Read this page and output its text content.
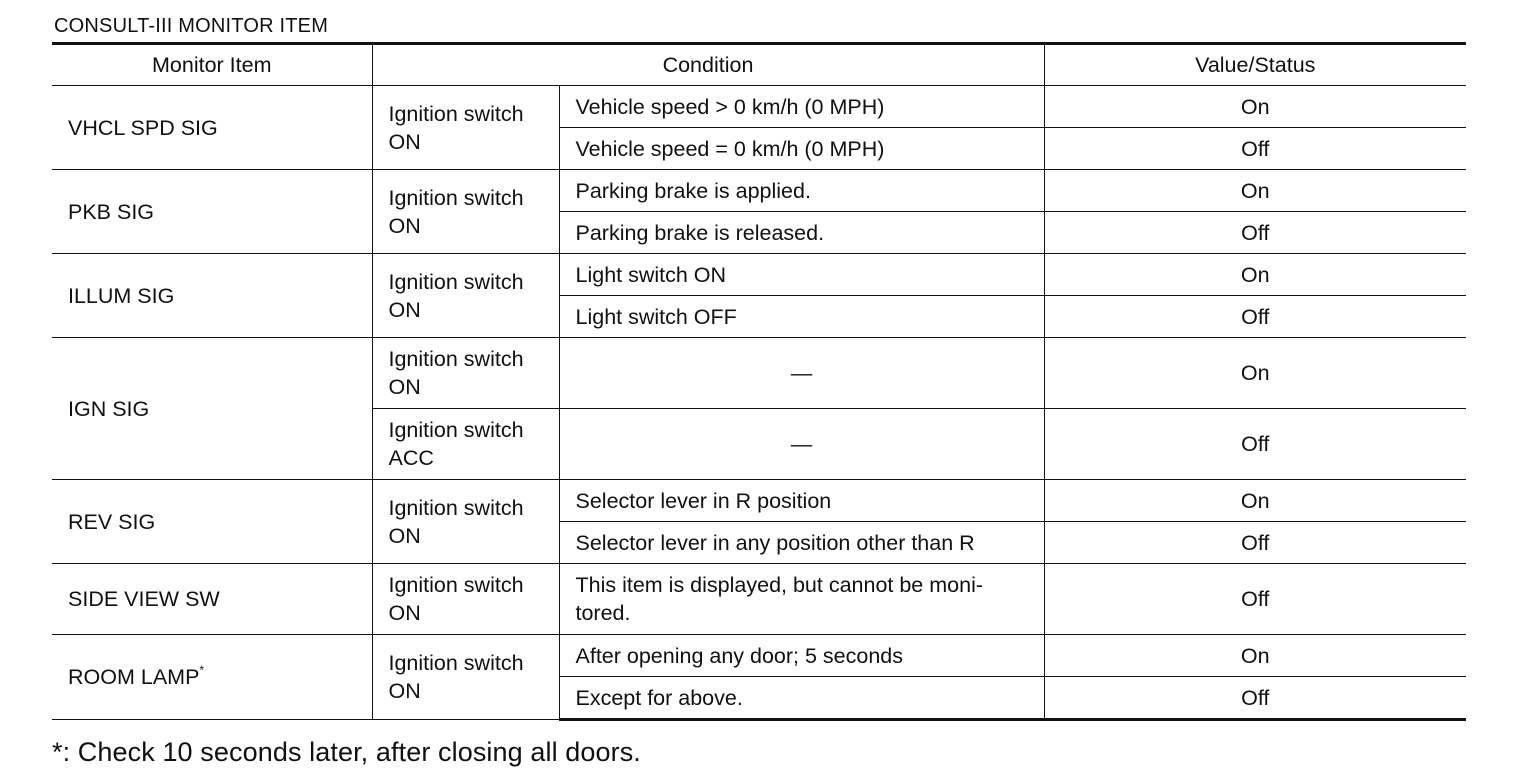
CONSULT-III MONITOR ITEM
Monitor Item	Condition		Value/Status
VHCL SPD SIG	Ignition switch ON	Vehicle speed > 0 km/h (0 MPH)	On
		Vehicle speed = 0 km/h (0 MPH)	Off
PKB SIG	Ignition switch ON	Parking brake is applied.	On
		Parking brake is released.	Off
ILLUM SIG	Ignition switch ON	Light switch ON	On
		Light switch OFF	Off
IGN SIG	Ignition switch ON	—	On
	Ignition switch ACC	—	Off
REV SIG	Ignition switch ON	Selector lever in R position	On
		Selector lever in any position other than R	Off
SIDE VIEW SW	Ignition switch ON	This item is displayed, but cannot be moni-tored.	Off
ROOM LAMP*	Ignition switch ON	After opening any door; 5 seconds	On
		Except for above.	Off
*: Check 10 seconds later, after closing all doors.
